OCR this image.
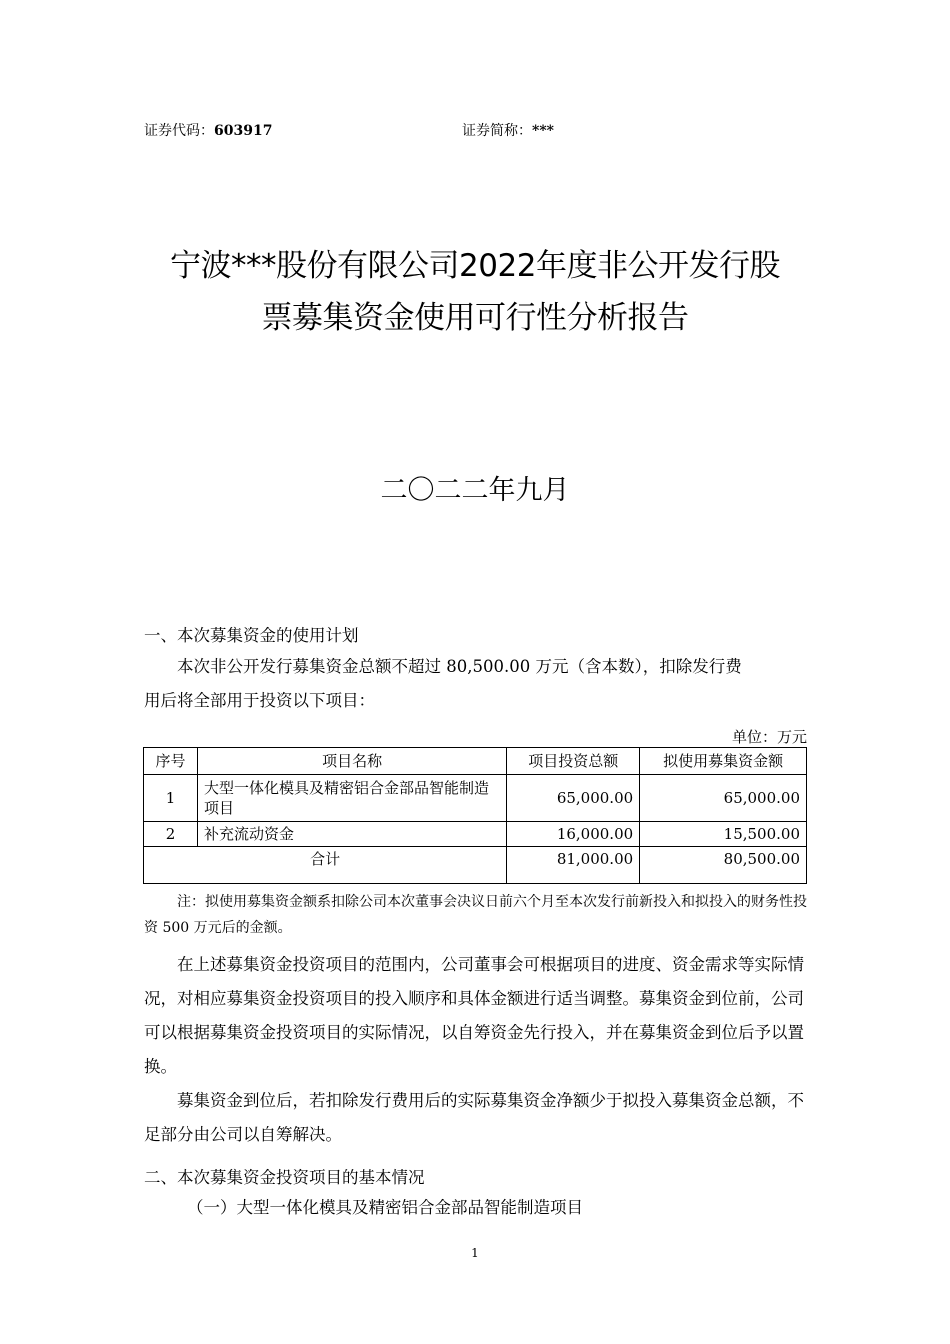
证券代码：603917	证券简称：***
宁波***股份有限公司2022年度非公开发行股
票募集资金使用可行性分析报告
二〇二二年九月
一、本次募集资金的使用计划
本次非公开发行募集资金总额不超过 80,500.00 万元（含本数），扣除发行费
用后将全部用于投资以下项目：
单位：万元
序号	项目名称	项目投资总额	拟使用募集资金额
1	大型一体化模具及精密铝合金部品智能制造项目	65,000.00	65,000.00
2	补充流动资金	16,000.00	15,500.00
合计		81,000.00	80,500.00
注：拟使用募集资金额系扣除公司本次董事会决议日前六个月至本次发行前新投入和拟投入的财务性投资 500 万元后的金额。
在上述募集资金投资项目的范围内，公司董事会可根据项目的进度、资金需求等实际情况，对相应募集资金投资项目的投入顺序和具体金额进行适当调整。募集资金到位前，公司可以根据募集资金投资项目的实际情况，以自筹资金先行投入，并在募集资金到位后予以置换。
募集资金到位后，若扣除发行费用后的实际募集资金净额少于拟投入募集资金总额，不足部分由公司以自筹解决。
二、本次募集资金投资项目的基本情况
（一）大型一体化模具及精密铝合金部品智能制造项目
1
